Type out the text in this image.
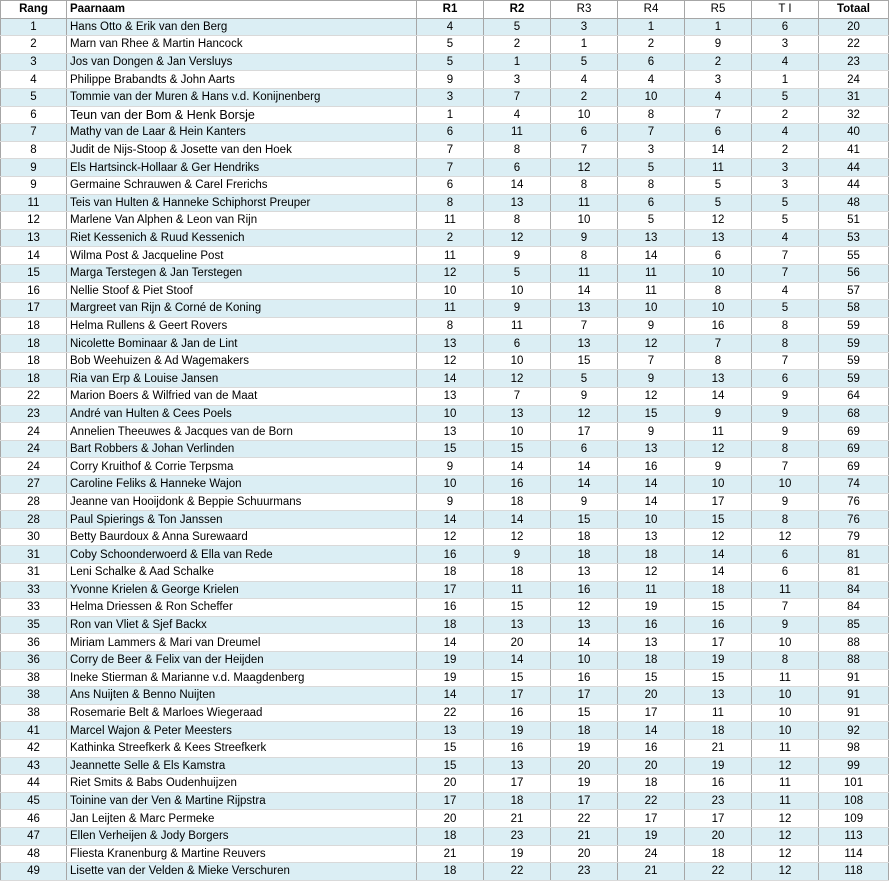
Rang	Paarnaam	R1	R2	R3	R4	R5	T I	Totaal
1	Hans Otto & Erik van den Berg	4	5	3	1	1	6	20
2	Marn van Rhee & Martin Hancock	5	2	1	2	9	3	22
3	Jos van Dongen & Jan Versluys	5	1	5	6	2	4	23
4	Philippe Brabandts & John Aarts	9	3	4	4	3	1	24
5	Tommie van der Muren & Hans v.d. Konijnenberg	3	7	2	10	4	5	31
6	Teun van der Bom & Henk Borsje	1	4	10	8	7	2	32
7	Mathy van de Laar & Hein Kanters	6	11	6	7	6	4	40
8	Judit de Nijs-Stoop & Josette van den Hoek	7	8	7	3	14	2	41
9	Els Hartsinck-Hollaar & Ger Hendriks	7	6	12	5	11	3	44
9	Germaine Schrauwen & Carel Frerichs	6	14	8	8	5	3	44
11	Teis van Hulten & Hanneke Schiphorst Preuper	8	13	11	6	5	5	48
12	Marlene Van Alphen & Leon van Rijn	11	8	10	5	12	5	51
13	Riet Kessenich & Ruud Kessenich	2	12	9	13	13	4	53
14	Wilma Post & Jacqueline Post	11	9	8	14	6	7	55
15	Marga Terstegen & Jan Terstegen	12	5	11	11	10	7	56
16	Nellie Stoof & Piet Stoof	10	10	14	11	8	4	57
17	Margreet van Rijn & Corné de Koning	11	9	13	10	10	5	58
18	Helma Rullens & Geert Rovers	8	11	7	9	16	8	59
18	Nicolette Bominaar & Jan de Lint	13	6	13	12	7	8	59
18	Bob Weehuizen & Ad Wagemakers	12	10	15	7	8	7	59
18	Ria van Erp & Louise Jansen	14	12	5	9	13	6	59
22	Marion Boers & Wilfried van de Maat	13	7	9	12	14	9	64
23	André van Hulten & Cees Poels	10	13	12	15	9	9	68
24	Annelien Theeuwes & Jacques van de Born	13	10	17	9	11	9	69
24	Bart Robbers & Johan Verlinden	15	15	6	13	12	8	69
24	Corry Kruithof & Corrie Terpsma	9	14	14	16	9	7	69
27	Caroline Feliks & Hanneke Wajon	10	16	14	14	10	10	74
28	Jeanne van Hooijdonk & Beppie Schuurmans	9	18	9	14	17	9	76
28	Paul Spierings & Ton Janssen	14	14	15	10	15	8	76
30	Betty Baurdoux & Anna Surewaard	12	12	18	13	12	12	79
31	Coby Schoonderwoerd & Ella van Rede	16	9	18	18	14	6	81
31	Leni Schalke & Aad Schalke	18	18	13	12	14	6	81
33	Yvonne Krielen & George Krielen	17	11	16	11	18	11	84
33	Helma Driessen & Ron Scheffer	16	15	12	19	15	7	84
35	Ron van Vliet & Sjef Backx	18	13	13	16	16	9	85
36	Miriam Lammers & Mari van Dreumel	14	20	14	13	17	10	88
36	Corry de Beer & Felix van der Heijden	19	14	10	18	19	8	88
38	Ineke Stierman & Marianne v.d. Maagdenberg	19	15	16	15	15	11	91
38	Ans Nuijten & Benno Nuijten	14	17	17	20	13	10	91
38	Rosemarie Belt & Marloes Wiegeraad	22	16	15	17	11	10	91
41	Marcel Wajon & Peter Meesters	13	19	18	14	18	10	92
42	Kathinka Streefkerk & Kees Streefkerk	15	16	19	16	21	11	98
43	Jeannette Selle & Els Kamstra	15	13	20	20	19	12	99
44	Riet Smits & Babs Oudenhuijzen	20	17	19	18	16	11	101
45	Toinine van der Ven & Martine Rijpstra	17	18	17	22	23	11	108
46	Jan Leijten & Marc Permeke	20	21	22	17	17	12	109
47	Ellen Verheijen & Jody Borgers	18	23	21	19	20	12	113
48	Fliesta Kranenburg & Martine Reuvers	21	19	20	24	18	12	114
49	Lisette van der Velden & Mieke Verschuren	18	22	23	21	22	12	118
